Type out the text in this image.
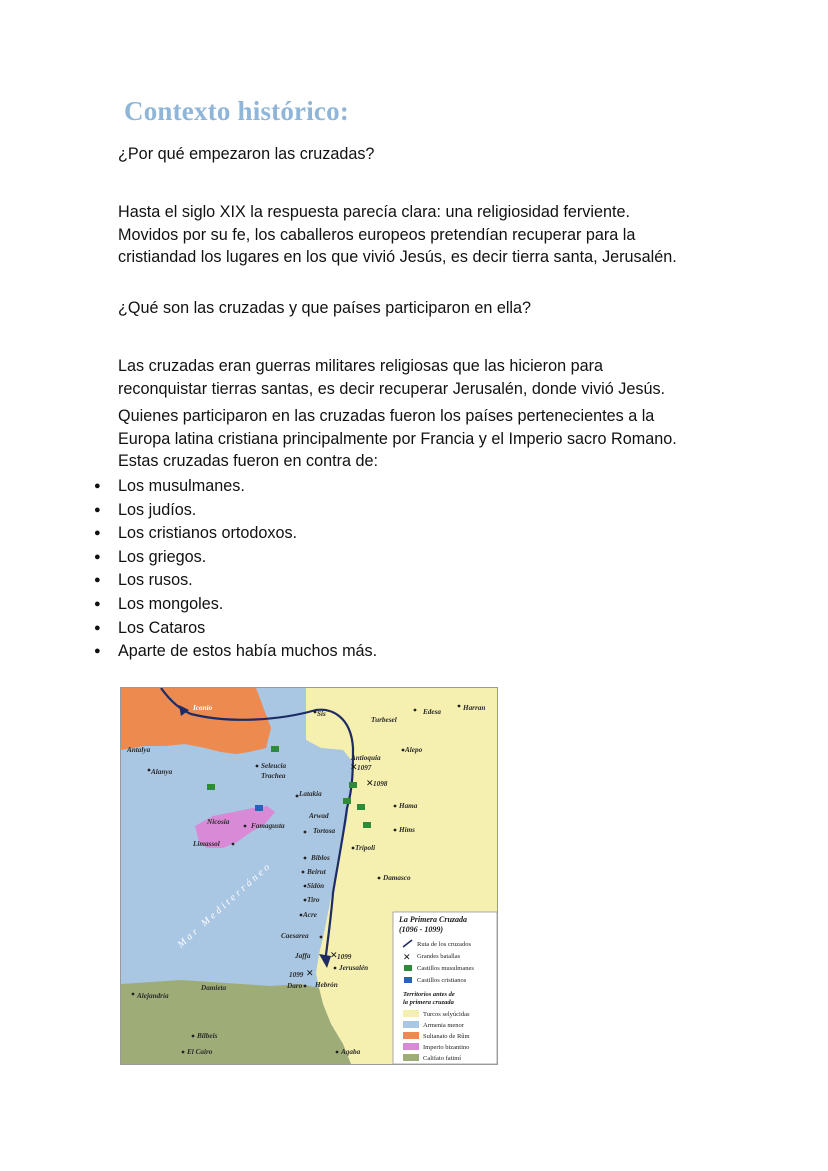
Contexto histórico:

¿Por qué empezaron las cruzadas?

Hasta el siglo XIX la respuesta parecía clara: una religiosidad ferviente.
Movidos por su fe, los caballeros europeos pretendían recuperar para la
cristiandad los lugares en los que vivió Jesús, es decir tierra santa, Jerusalén.

¿Qué son las cruzadas y que países participaron en ella?

Las cruzadas eran guerras militares religiosas que las hicieron para
reconquistar tierras santas, es decir recuperar Jerusalén, donde vivió Jesús.
Quienes participaron en las cruzadas fueron los países pertenecientes a la
Europa latina cristiana principalmente por Francia y el Imperio sacro Romano.
Estas cruzadas fueron en contra de:
● Los musulmanes.
● Los judíos.
● Los cristianos ortodoxos.
● Los griegos.
● Los rusos.
● Los mongoles.
● Los Cataros
● Aparte de estos había muchos más.
Iconio
Sis
Turbesel
Edesa	Harran
Antalya
Alanya
Seleucia
Trachea
Antioquia
Alepo
Latakia
Hama
Arwad
Tortosa	Hims
Nicosia	Famagusta
Limassol	Trípoli
Biblos
Beirut
Damasco
Sidón
Tiro
Acre
Caesarea
Jaffa
Jerusalén
Daro Hebrón
Alejandría
Damieta
Bilbeis
El Cairo	Aqaba
1097
1098
1099
1099
Mar Mediterráneo	La Primera Cruzada
(1096 - 1099)
Ruta de los cruzados
Grandes batallas
Castillos musulmanes
Castillos cristianos
Territorios antes de
la primera cruzada
Turcos selyúcidas
Armenia menor
Sultanato de Rûm
Imperio bizantino
Califato fatimí
✕
✕
✕
✕
✕
